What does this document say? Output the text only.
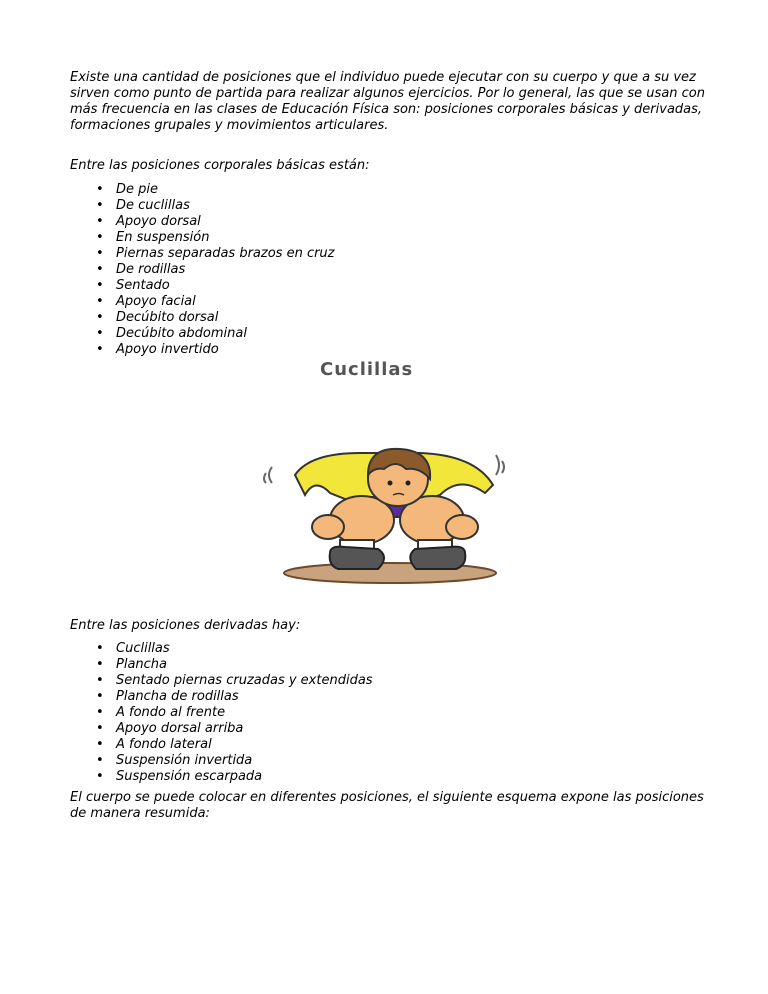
Existe una cantidad de posiciones que el individuo puede ejecutar con su cuerpo y que a su vez sirven como punto de partida para realizar algunos ejercicios. Por lo general, las que se usan con más frecuencia en las clases de Educación Física son: posiciones corporales básicas y derivadas, formaciones grupales y movimientos articulares.

Entre las posiciones corporales básicas están:

• De pie
• De cuclillas
• Apoyo dorsal
• En suspensión
• Piernas separadas brazos en cruz
• De rodillas
• Sentado
• Apoyo facial
• Decúbito dorsal
• Decúbito abdominal
• Apoyo invertido
Cuclillas

Entre las posiciones derivadas hay:

• Cuclillas
• Plancha
• Sentado piernas cruzadas y extendidas
• Plancha de rodillas
• A fondo al frente
• Apoyo dorsal arriba
• A fondo lateral
• Suspensión invertida
• Suspensión escarpada

El cuerpo se puede colocar en diferentes posiciones, el siguiente esquema expone las posiciones de manera resumida:
